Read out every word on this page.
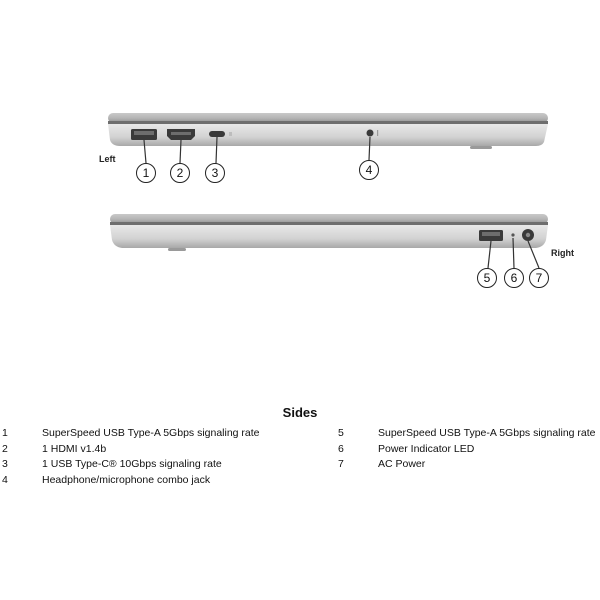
Left
Right
1	2	3	4
5	6	7
Sides
1	SuperSpeed USB Type-A 5Gbps signaling rate
2	1 HDMI v1.4b
3	1 USB Type-C® 10Gbps signaling rate
4	Headphone/microphone combo jack
5	SuperSpeed USB Type-A 5Gbps signaling rate
6	Power Indicator LED
7	AC Power
